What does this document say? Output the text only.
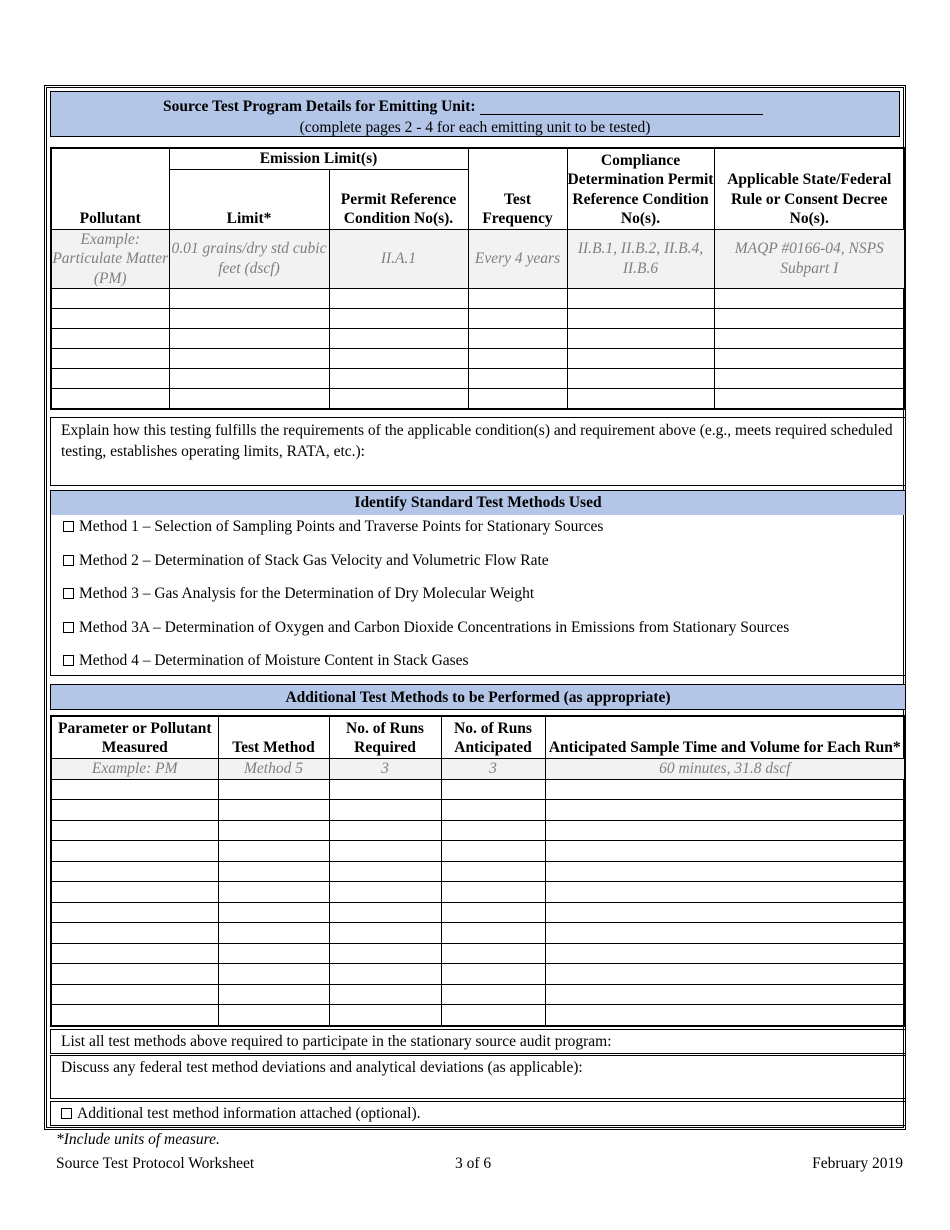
Source Test Program Details for Emitting Unit:
(complete pages 2 - 4 for each emitting unit to be tested)
Pollutant	Emission Limit(s)		Test Frequency	Compliance Determination Permit Reference Condition No(s).	Applicable State/Federal Rule or Consent Decree No(s).
	Limit*	Permit Reference Condition No(s).			
Example: Particulate Matter (PM)	0.01 grains/dry std cubic feet (dscf)	II.A.1	Every 4 years	II.B.1, II.B.2, II.B.4, II.B.6	MAQP #0166-04, NSPS Subpart I

Explain how this testing fulfills the requirements of the applicable condition(s) and requirement above (e.g., meets required scheduled testing, establishes operating limits, RATA, etc.):
Identify Standard Test Methods Used
Method 1 – Selection of Sampling Points and Traverse Points for Stationary Sources
Method 2 – Determination of Stack Gas Velocity and Volumetric Flow Rate
Method 3 – Gas Analysis for the Determination of Dry Molecular Weight
Method 3A – Determination of Oxygen and Carbon Dioxide Concentrations in Emissions from Stationary Sources
Method 4 – Determination of Moisture Content in Stack Gases
Additional Test Methods to be Performed (as appropriate)
Parameter or Pollutant Measured	Test Method	No. of Runs Required	No. of Runs Anticipated	Anticipated Sample Time and Volume for Each Run*
Example: PM	Method 5	3	3	60 minutes, 31.8 dscf

List all test methods above required to participate in the stationary source audit program:
Discuss any federal test method deviations and analytical deviations (as applicable):
Additional test method information attached (optional).
*Include units of measure.
Source Test Protocol Worksheet	3 of 6	February 2019
